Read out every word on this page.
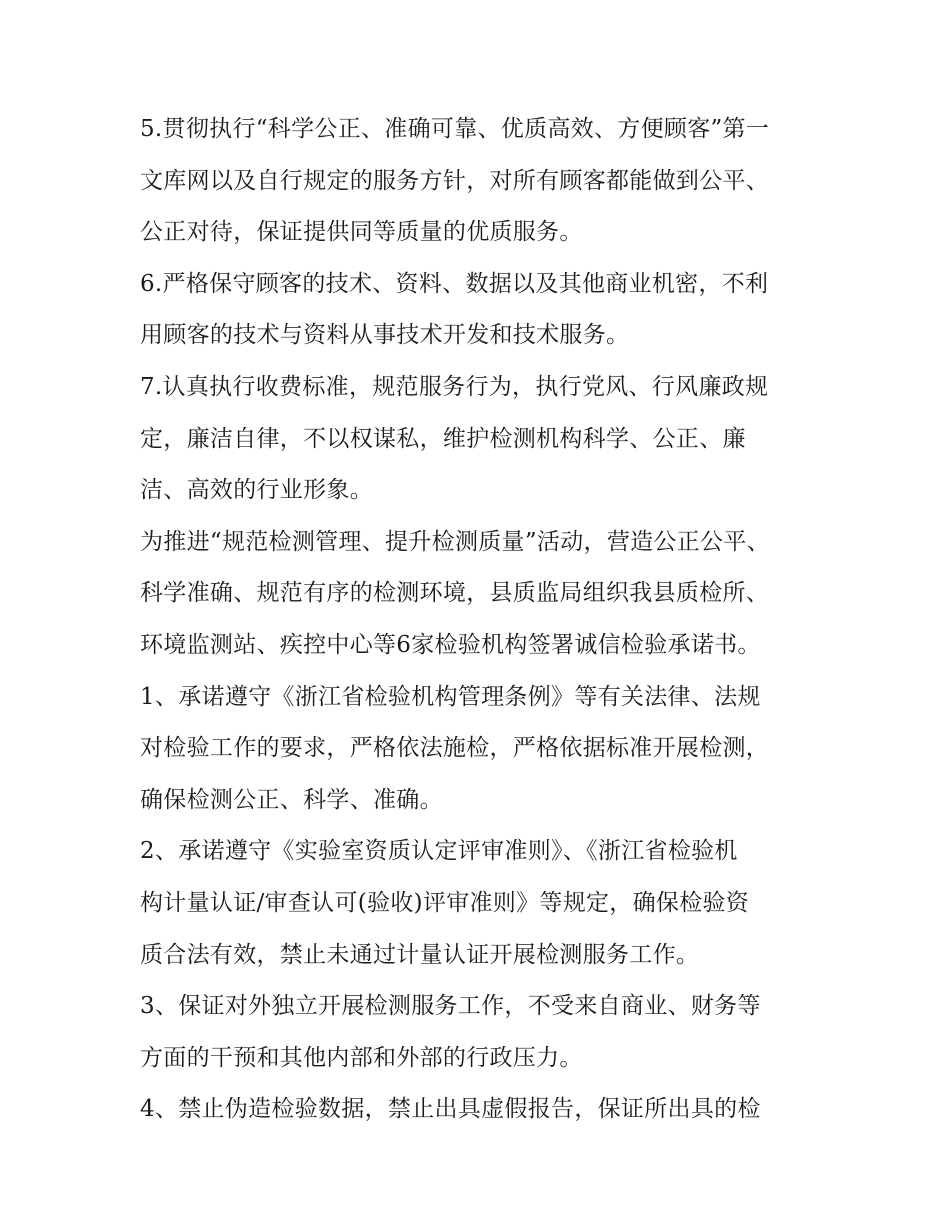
5.贯彻执行“科学公正、准确可靠、优质高效、方便顾客”第一
文库网以及自行规定的服务方针，对所有顾客都能做到公平、
公正对待，保证提供同等质量的优质服务。
6.严格保守顾客的技术、资料、数据以及其他商业机密，不利
用顾客的技术与资料从事技术开发和技术服务。
7.认真执行收费标准，规范服务行为，执行党风、行风廉政规
定，廉洁自律，不以权谋私，维护检测机构科学、公正、廉
洁、高效的行业形象。
为推进“规范检测管理、提升检测质量”活动，营造公正公平、
科学准确、规范有序的检测环境，县质监局组织我县质检所、
环境监测站、疾控中心等6家检验机构签署诚信检验承诺书。
1、承诺遵守《浙江省检验机构管理条例》等有关法律、法规
对检验工作的要求，严格依法施检，严格依据标准开展检测，
确保检测公正、科学、准确。
2、承诺遵守《实验室资质认定评审准则》、《浙江省检验机
构计量认证/审查认可(验收)评审准则》等规定，确保检验资
质合法有效，禁止未通过计量认证开展检测服务工作。
3、保证对外独立开展检测服务工作，不受来自商业、财务等
方面的干预和其他内部和外部的行政压力。
4、禁止伪造检验数据，禁止出具虚假报告，保证所出具的检
